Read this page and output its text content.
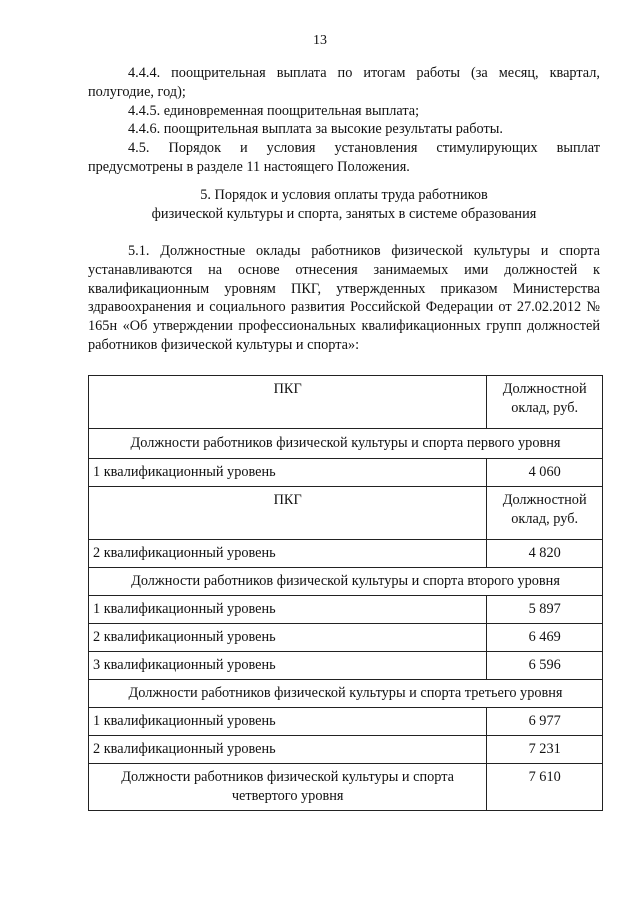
13

4.4.4. поощрительная выплата по итогам работы (за месяц, квартал, полугодие, год);

4.4.5. единовременная поощрительная выплата;

4.4.6. поощрительная выплата за высокие результаты работы.

4.5. Порядок и условия установления стимулирующих выплат предусмотрены в разделе 11 настоящего Положения.

5. Порядок и условия оплаты труда работников
физической культуры и спорта, занятых в системе образования

5.1. Должностные оклады работников физической культуры и спорта устанавливаются на основе отнесения занимаемых ими должностей к квалификационным уровням ПКГ, утвержденных приказом Министерства здравоохранения и социального развития Российской Федерации от 27.02.2012 № 165н «Об утверждении профессиональных квалификационных групп должностей работников физической культуры и спорта»:

ПКГ	Должностной оклад, руб.
Должности работников физической культуры и спорта первого уровня	
1 квалификационный уровень	4 060
ПКГ	Должностной оклад, руб.
2 квалификационный уровень	4 820
Должности работников физической культуры и спорта второго уровня	
1 квалификационный уровень	5 897
2 квалификационный уровень	6 469
3 квалификационный уровень	6 596
Должности работников физической культуры и спорта третьего уровня	
1 квалификационный уровень	6 977
2 квалификационный уровень	7 231
Должности работников физической культуры и спорта четвертого уровня	7 610
